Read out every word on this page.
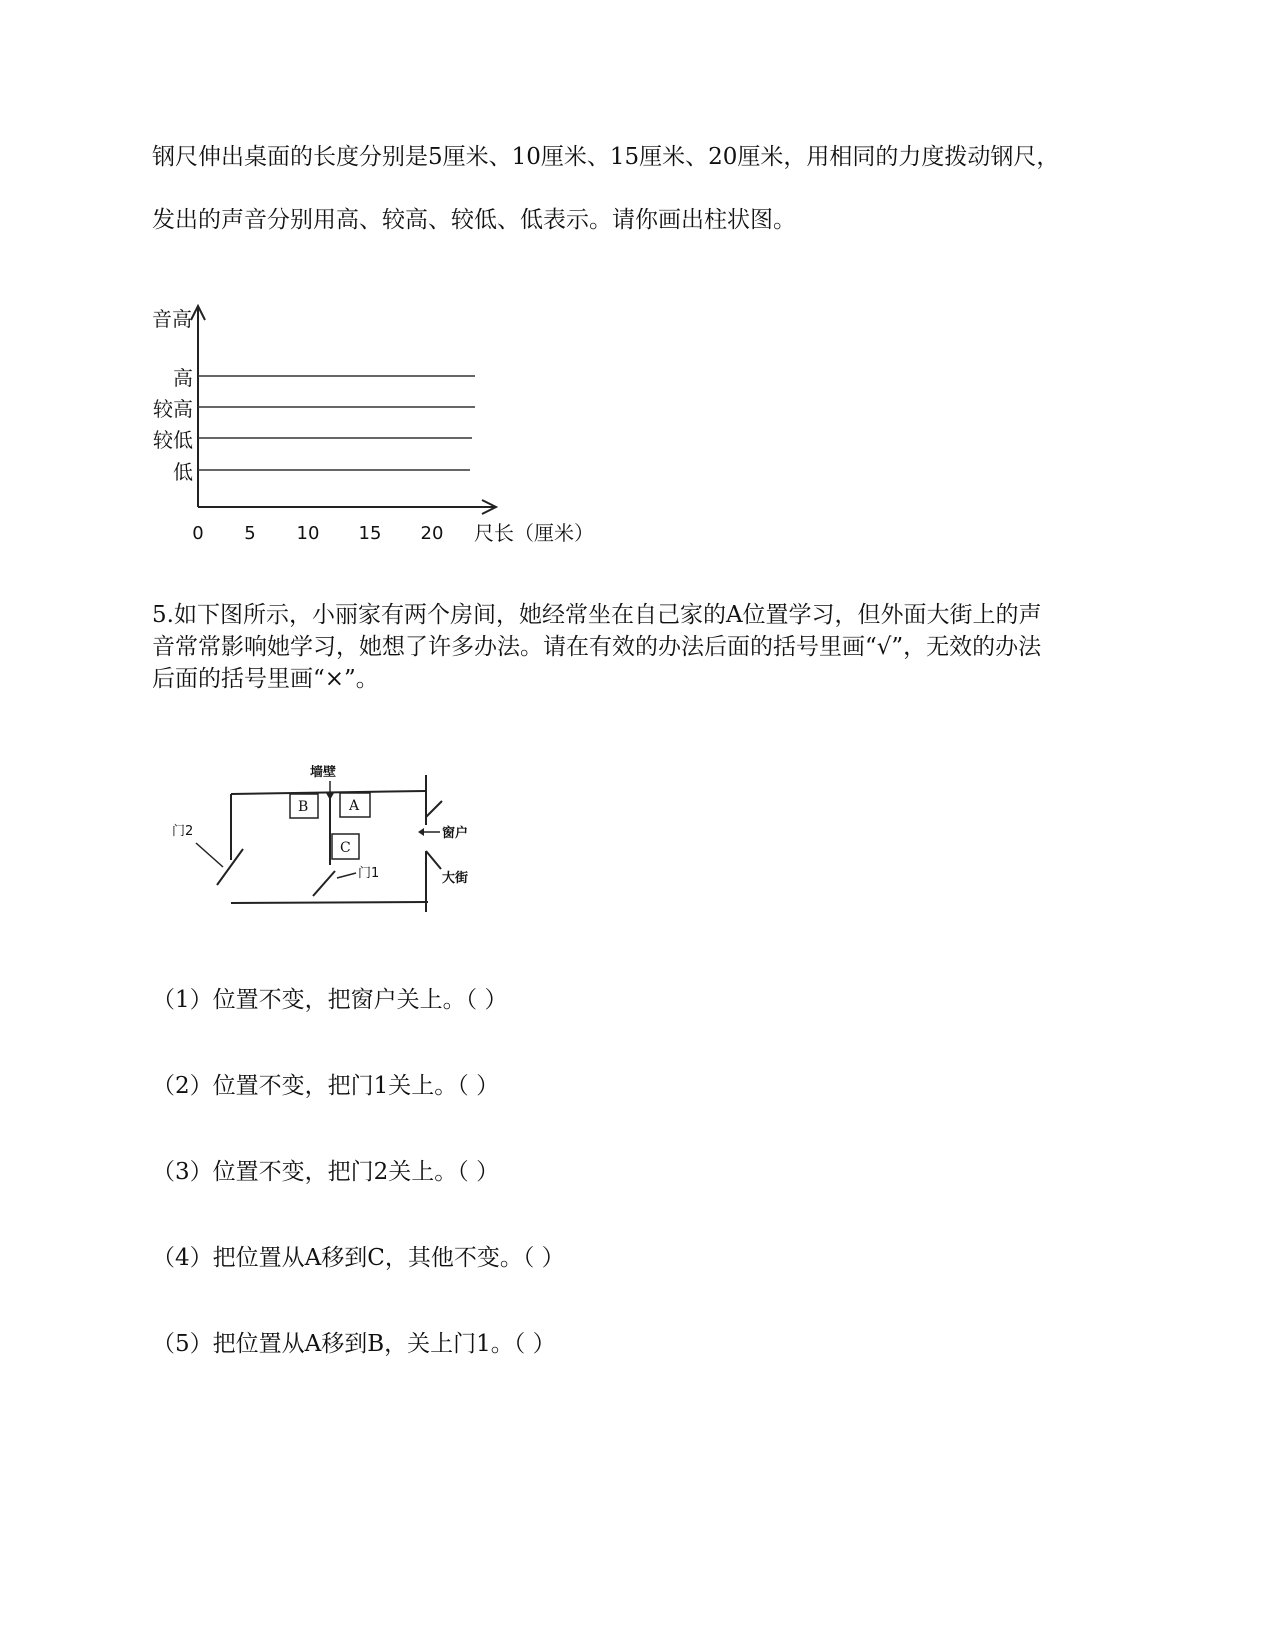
钢尺伸出桌面的长度分别是5厘米、10厘米、15厘米、20厘米，用相同的力度拨动钢尺，
发出的声音分别用高、较高、较低、低表示。请你画出柱状图。
音高
尺长（厘米）
高
较高
较低
低
0 5 10 15 20
5.如下图所示，小丽家有两个房间，她经常坐在自己家的A位置学习，但外面大街上的声
音常常影响她学习，她想了许多办法。请在有效的办法后面的括号里画“√”，无效的办法
后面的括号里画“×”。
墙壁
门2
门1
窗户
大街
B	A
C
（1）位置不变，把窗户关上。（ ）
（2）位置不变，把门1关上。（ ）
（3）位置不变，把门2关上。（ ）
（4）把位置从A移到C，其他不变。（ ）
（5）把位置从A移到B，关上门1。（ ）
